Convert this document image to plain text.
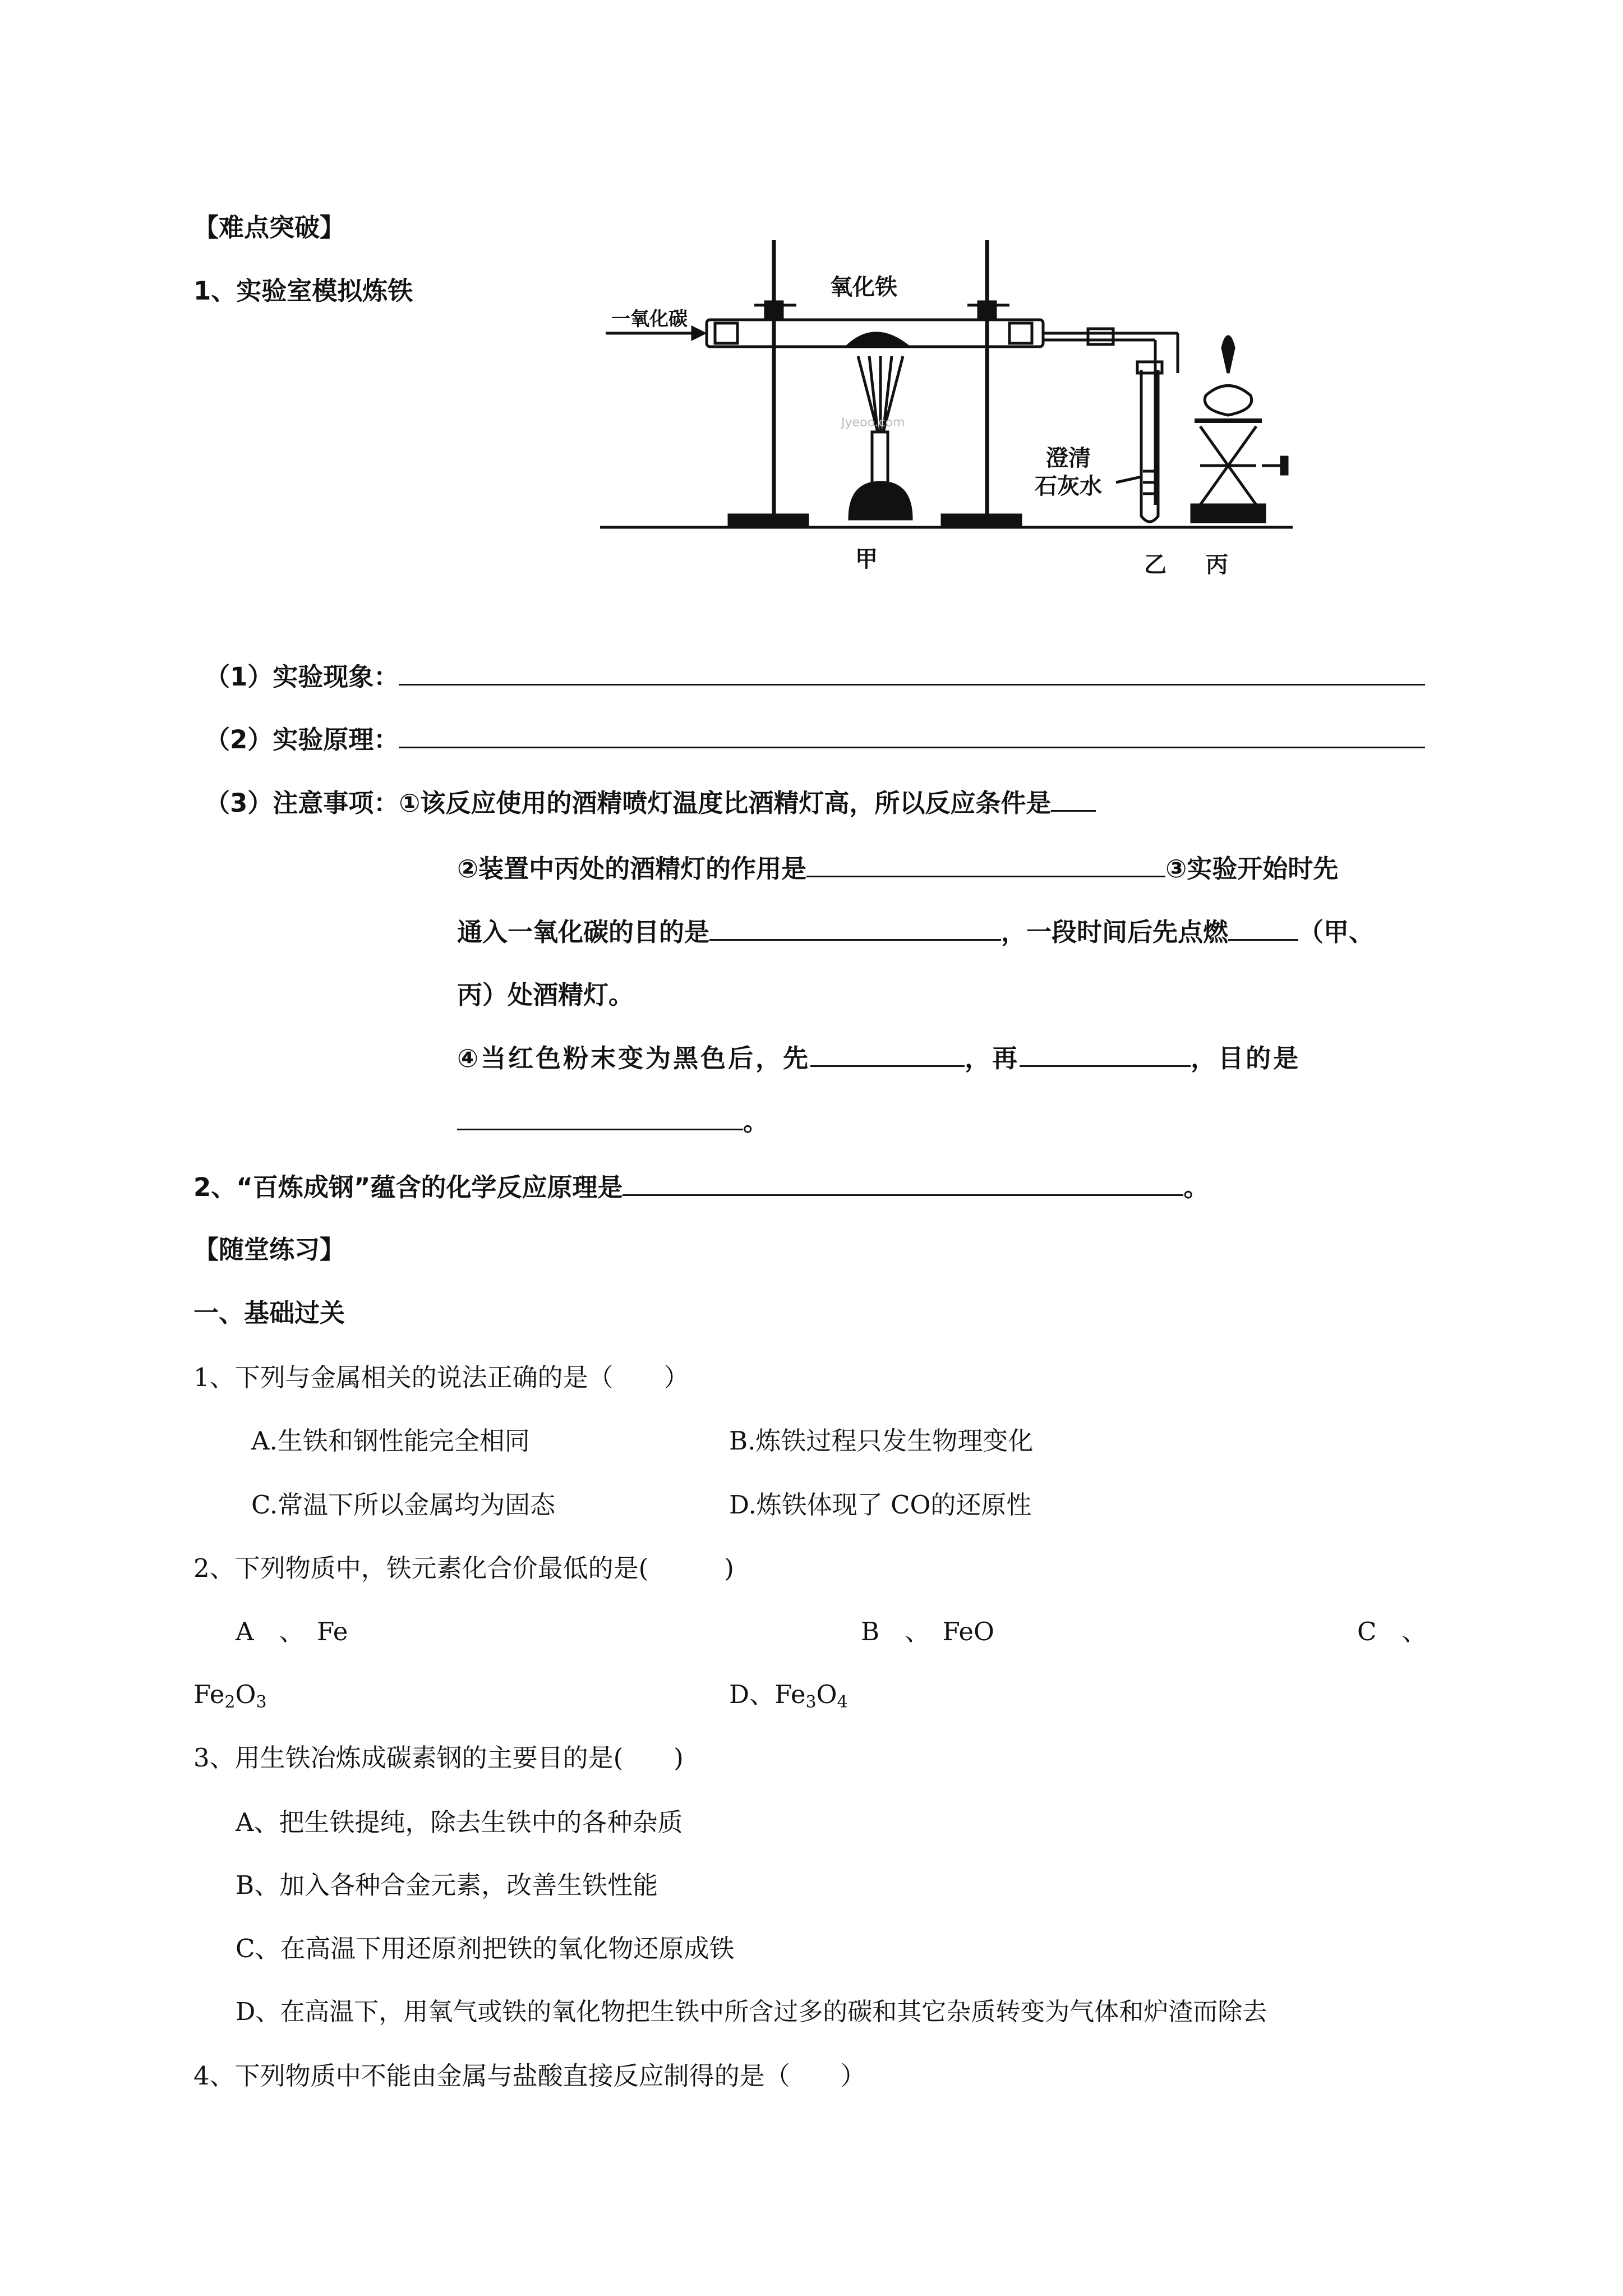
【难点突破】
1、实验室模拟炼铁
一氧化碳
氧化铁
Jyeoo.com
澄清
石灰水
甲	乙 丙
（1）实验现象：
（2）实验原理：
（3）注意事项：①该反应使用的酒精喷灯温度比酒精灯高，所以反应条件是
②装置中丙处的酒精灯的作用是	③实验开始时先
通入一氧化碳的目的是	，一段时间后先点燃	（甲、
丙）处酒精灯。
④当红色粉末变为黑色后，先	，再	，目的是
。
2、“百炼成钢”蕴含的化学反应原理是	。
【随堂练习】
一、基础过关
1、下列与金属相关的说法正确的是（　　）
A.生铁和钢性能完全相同	B.炼铁过程只发生物理变化
C.常温下所以金属均为固态	D.炼铁体现了 CO的还原性
2、下列物质中，铁元素化合价最低的是(　　　)
A　、　Fe	B　、　FeO	C　、
$Fe_2O_3$	D、$Fe_3O_4$
3、用生铁冶炼成碳素钢的主要目的是(　　)
A、把生铁提纯，除去生铁中的各种杂质
B、加入各种合金元素，改善生铁性能
C、在高温下用还原剂把铁的氧化物还原成铁
D、在高温下，用氧气或铁的氧化物把生铁中所含过多的碳和其它杂质转变为气体和炉渣而除去
4、下列物质中不能由金属与盐酸直接反应制得的是（　　）
